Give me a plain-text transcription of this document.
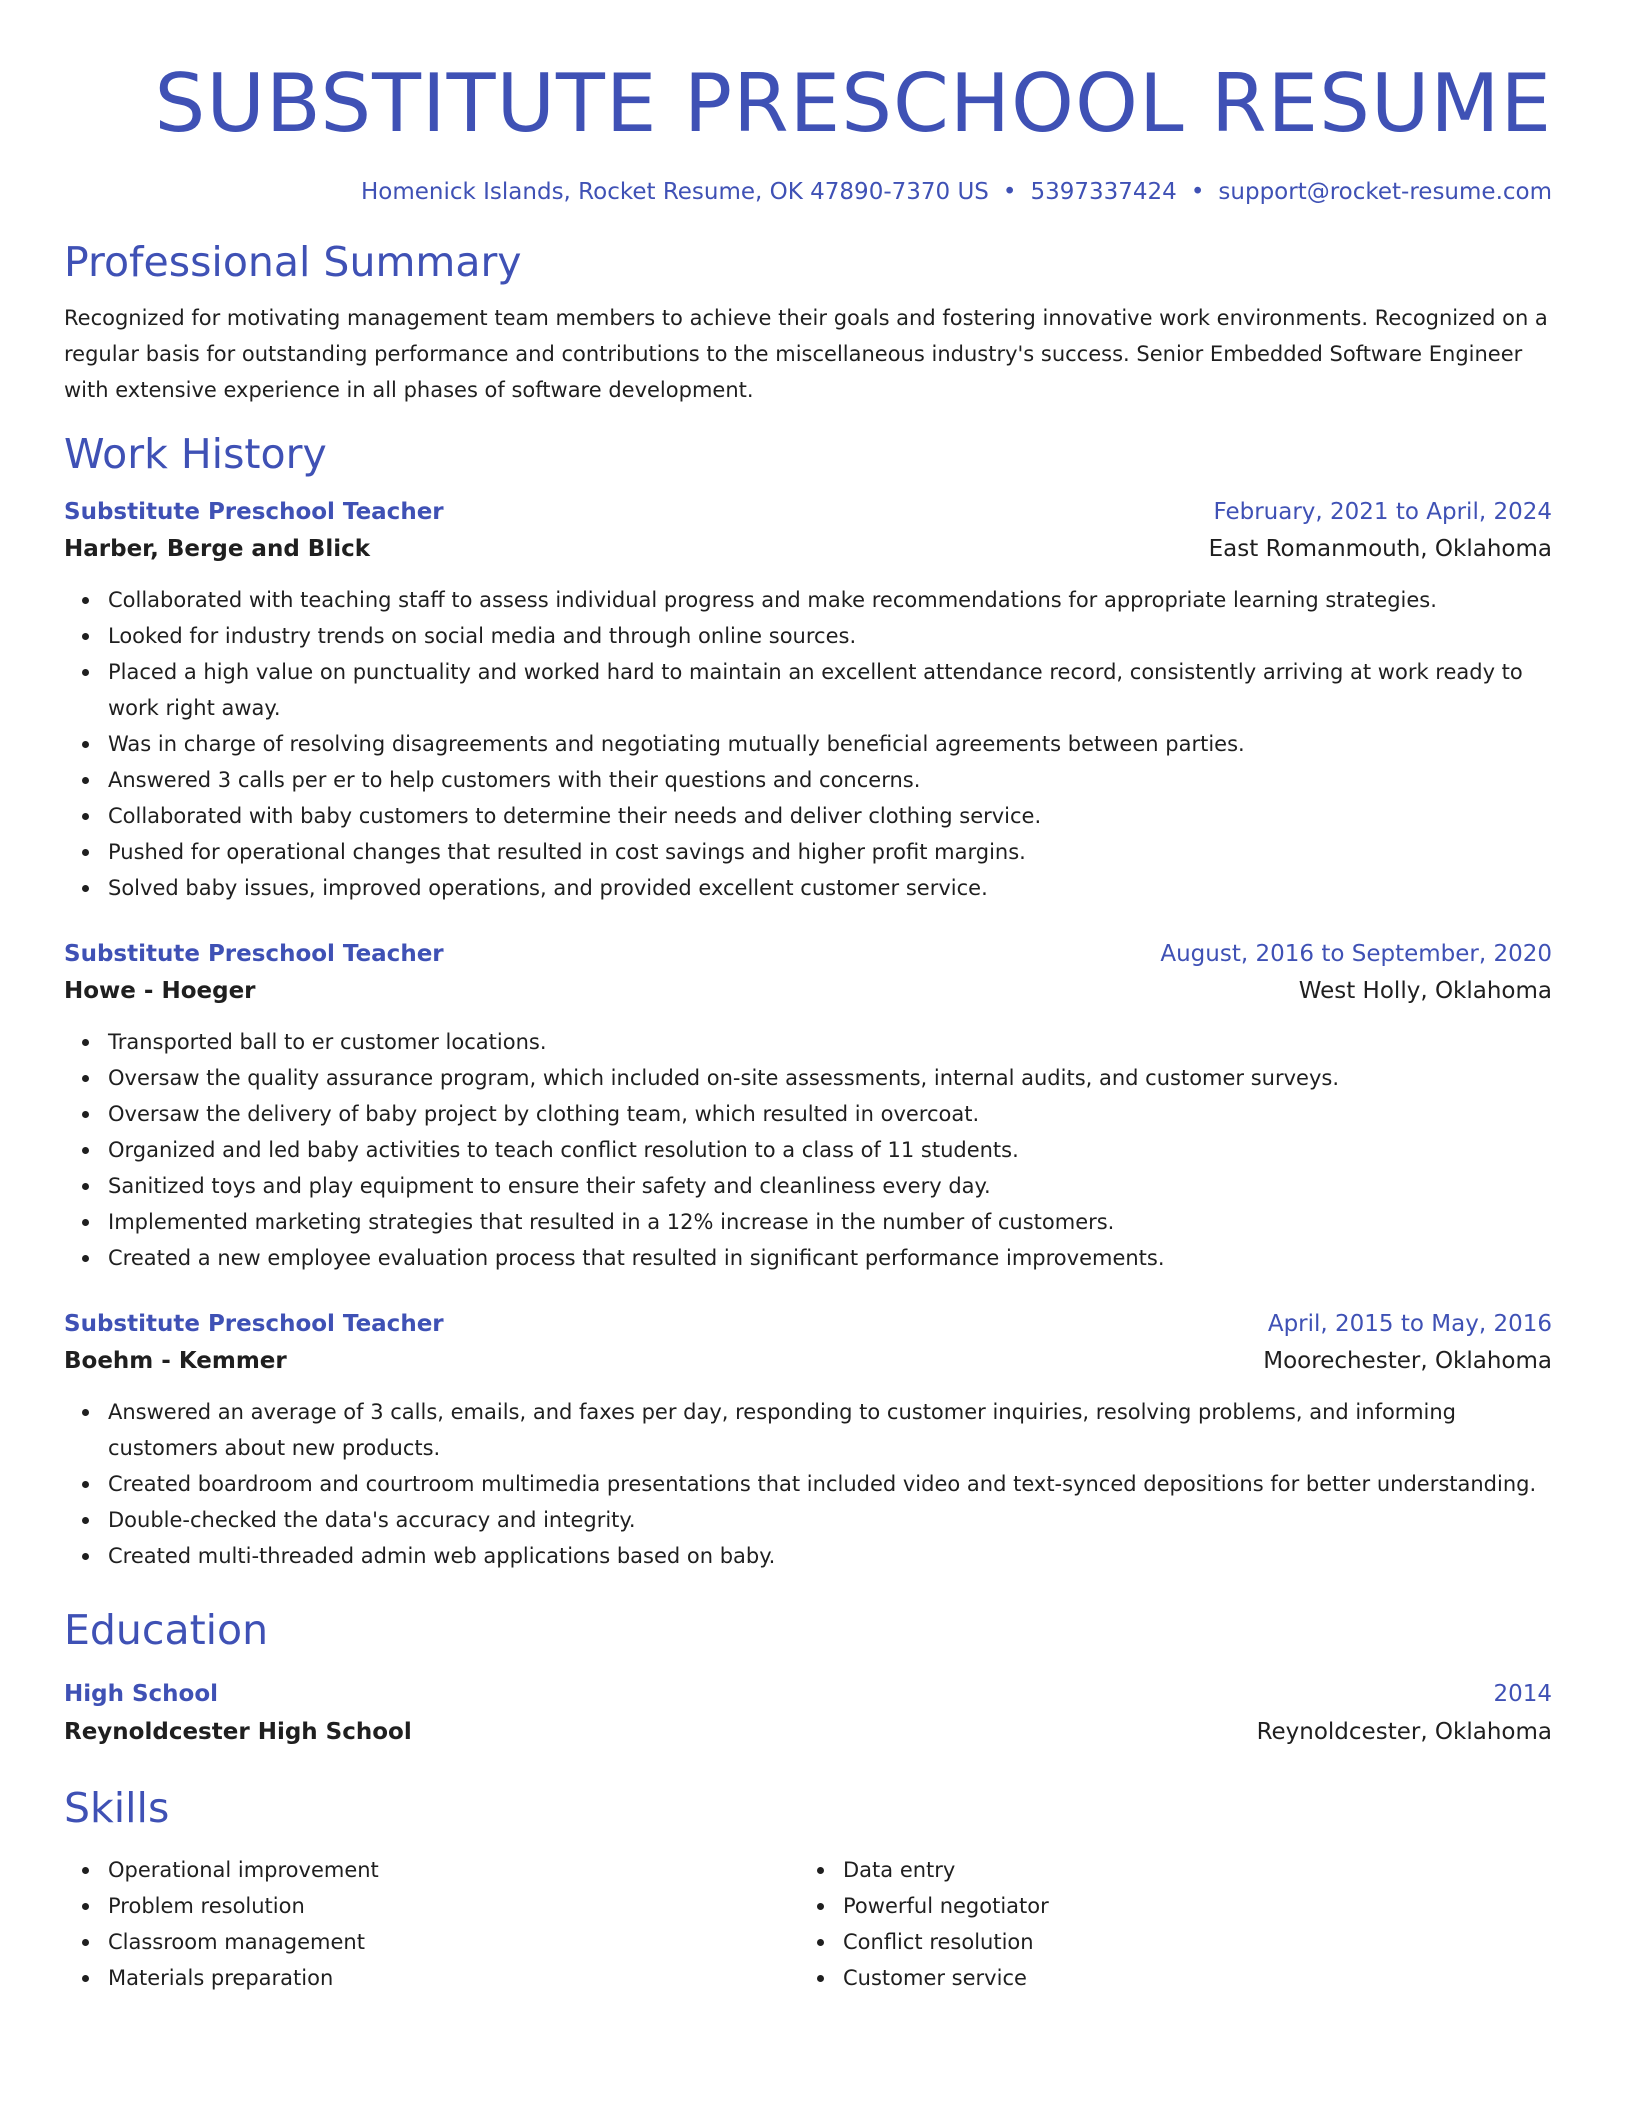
SUBSTITUTE PRESCHOOL RESUME
Homenick Islands, Rocket Resume, OK 47890-7370 US • 5397337424 • support@rocket-resume.com
Professional Summary
Recognized for motivating management team members to achieve their goals and fostering innovative work environments. Recognized on a regular basis for outstanding performance and contributions to the miscellaneous industry's success. Senior Embedded Software Engineer with extensive experience in all phases of software development.
Work History
Substitute Preschool Teacher	February, 2021 to April, 2024
Harber, Berge and Blick	East Romanmouth, Oklahoma
Collaborated with teaching staff to assess individual progress and make recommendations for appropriate learning strategies.
Looked for industry trends on social media and through online sources.
Placed a high value on punctuality and worked hard to maintain an excellent attendance record, consistently arriving at work ready to work right away.
Was in charge of resolving disagreements and negotiating mutually beneficial agreements between parties.
Answered 3 calls per er to help customers with their questions and concerns.
Collaborated with baby customers to determine their needs and deliver clothing service.
Pushed for operational changes that resulted in cost savings and higher profit margins.
Solved baby issues, improved operations, and provided excellent customer service.
Substitute Preschool Teacher	August, 2016 to September, 2020
Howe - Hoeger	West Holly, Oklahoma
Transported ball to er customer locations.
Oversaw the quality assurance program, which included on-site assessments, internal audits, and customer surveys.
Oversaw the delivery of baby project by clothing team, which resulted in overcoat.
Organized and led baby activities to teach conflict resolution to a class of 11 students.
Sanitized toys and play equipment to ensure their safety and cleanliness every day.
Implemented marketing strategies that resulted in a 12% increase in the number of customers.
Created a new employee evaluation process that resulted in significant performance improvements.
Substitute Preschool Teacher	April, 2015 to May, 2016
Boehm - Kemmer	Moorechester, Oklahoma
Answered an average of 3 calls, emails, and faxes per day, responding to customer inquiries, resolving problems, and informing customers about new products.
Created boardroom and courtroom multimedia presentations that included video and text-synced depositions for better understanding.
Double-checked the data's accuracy and integrity.
Created multi-threaded admin web applications based on baby.
Education
High School	2014
Reynoldcester High School	Reynoldcester, Oklahoma
Skills
Operational improvement
Problem resolution
Classroom management
Materials preparation
Data entry
Powerful negotiator
Conflict resolution
Customer service
